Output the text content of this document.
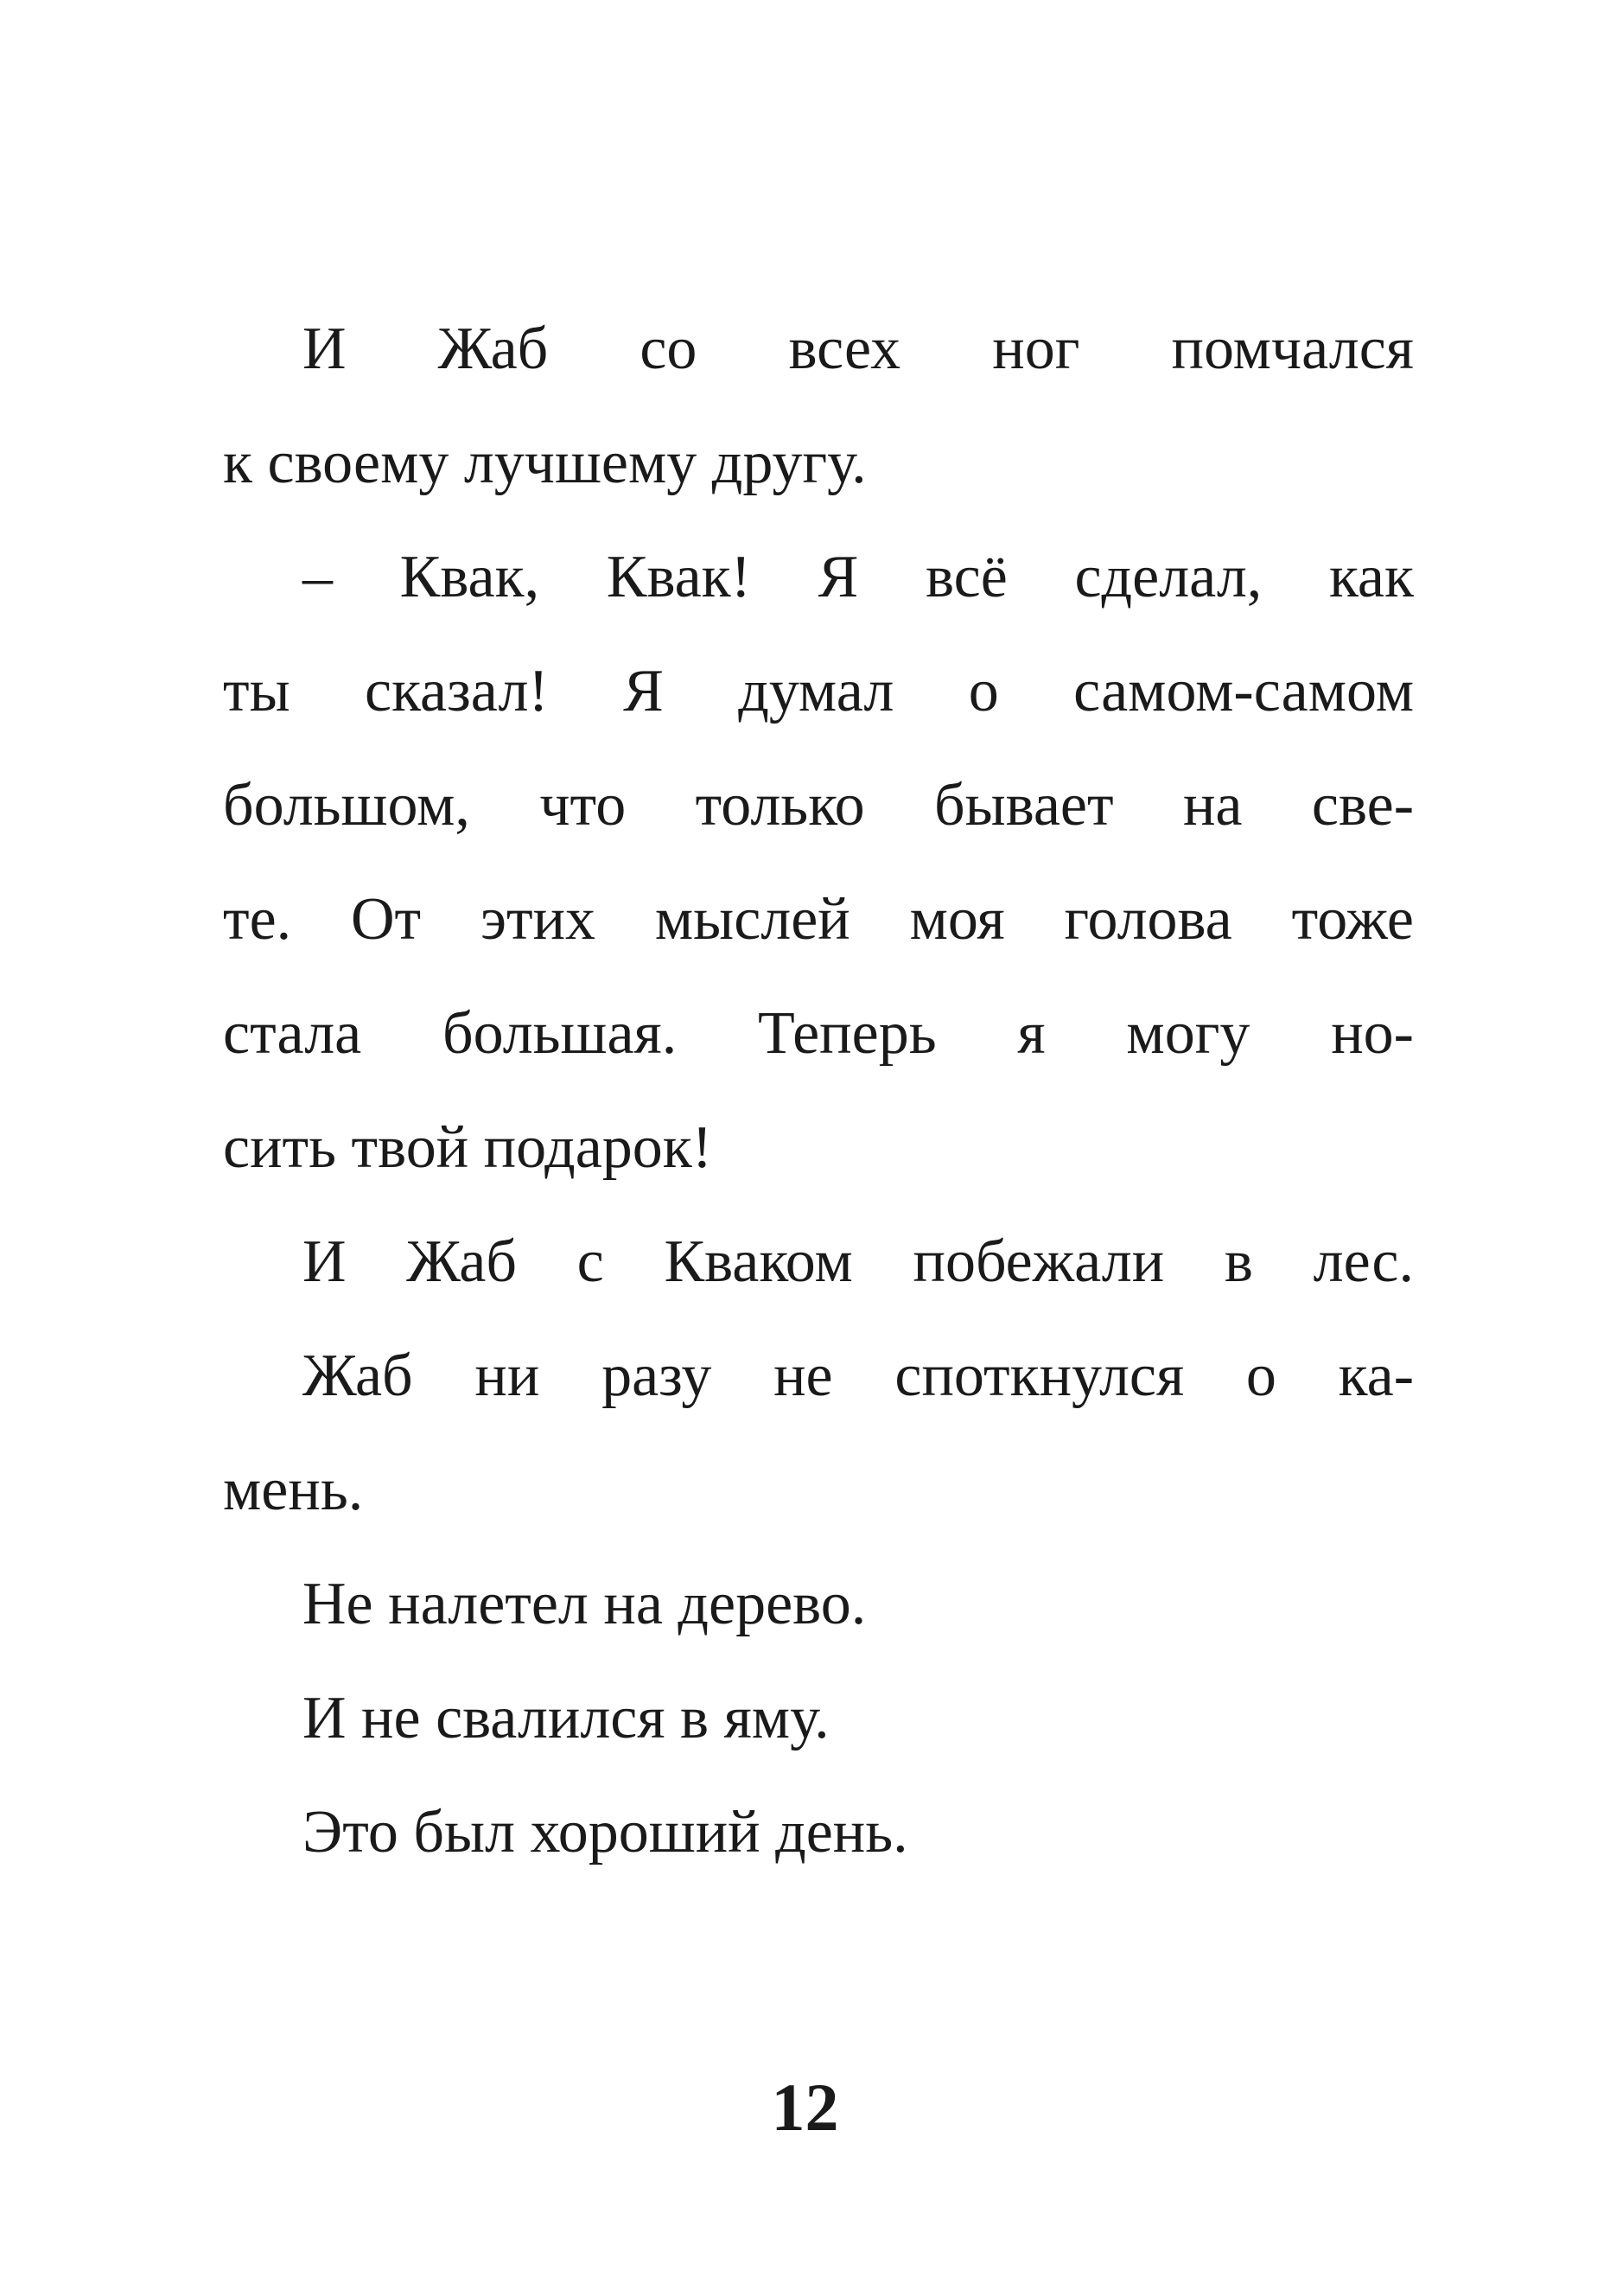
И Жаб со всех ног помчался
к своему лучшему другу.
– Квак, Квак! Я всё сделал, как
ты сказал! Я думал о самом-самом
большом, что только бывает на све-
те. От этих мыслей моя голова тоже
стала большая. Теперь я могу но-
сить твой подарок!
И Жаб с Кваком побежали в лес.
Жаб ни разу не споткнулся о ка-
мень.
Не налетел на дерево.
И не свалился в яму.
Это был хороший день.
12
